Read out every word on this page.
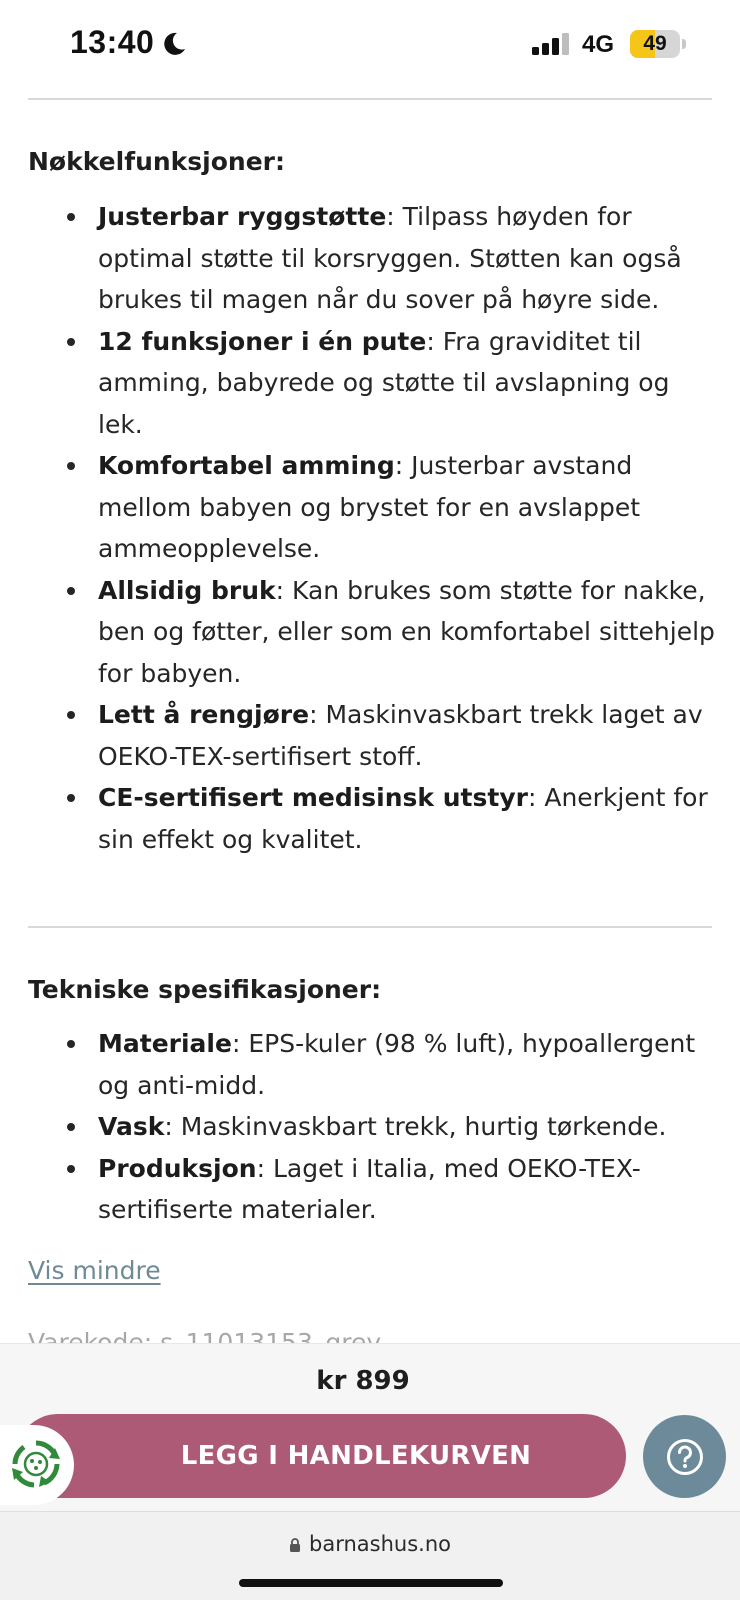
13:40	4G	49
Nøkkelfunksjoner:
Justerbar ryggstøtte: Tilpass høyden for optimal støtte til korsryggen. Støtten kan også brukes til magen når du sover på høyre side.
12 funksjoner i én pute: Fra graviditet til amming, babyrede og støtte til avslapning og lek.
Komfortabel amming: Justerbar avstand mellom babyen og brystet for en avslappet ammeopplevelse.
Allsidig bruk: Kan brukes som støtte for nakke, ben og føtter, eller som en komfortabel sittehjelp for babyen.
Lett å rengjøre: Maskinvaskbart trekk laget av OEKO-TEX-sertifisert stoff.
CE-sertifisert medisinsk utstyr: Anerkjent for sin effekt og kvalitet.
Tekniske spesifikasjoner:
Materiale: EPS-kuler (98 % luft), hypoallergent og anti-midd.
Vask: Maskinvaskbart trekk, hurtig tørkende.
Produksjon: Laget i Italia, med OEKO-TEX-sertifiserte materialer.
Vis mindre
kr 899
LEGG I HANDLEKURVEN
barnashus.no
